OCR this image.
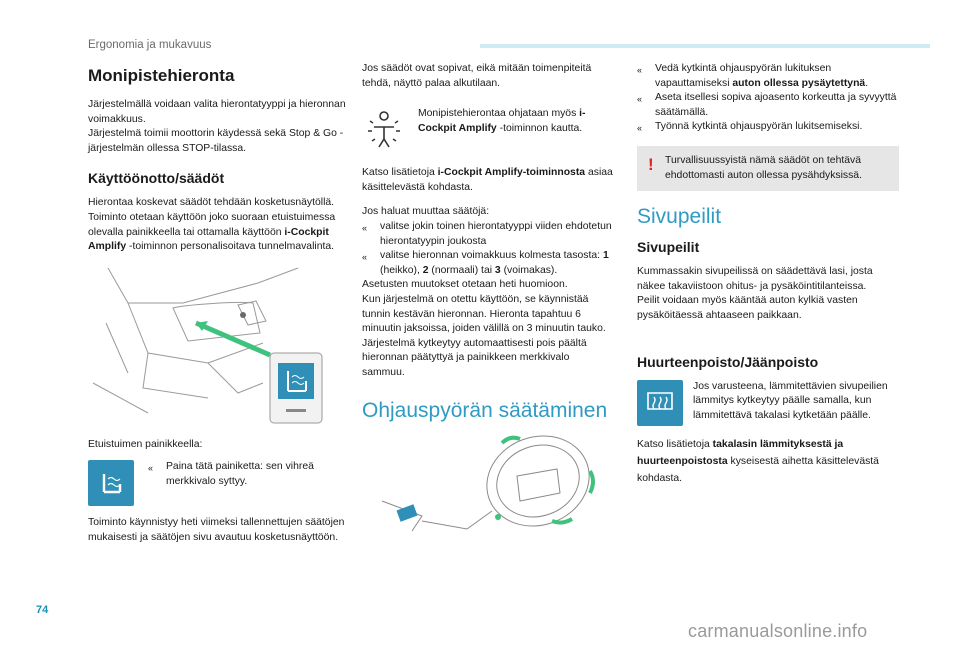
Ergonomia ja mukavuus
Monipistehieronta

Järjestelmällä voidaan valita hierontatyyppi ja hieronnan voimakkuus.

Järjestelmä toimii moottorin käydessä sekä Stop & Go -järjestelmän ollessa STOP-tilassa.

Käyttöönotto/säädöt

Hierontaa koskevat säädöt tehdään kosketusnäytöllä.

Toiminto otetaan käyttöön joko suoraan etuistuimessa olevalla painikkeella tai ottamalla käyttöön i-Cockpit Amplify -toiminnon personalisoitava tunnelmavalinta.

Etuistuimen painikkeella:

«	Paina tätä painiketta: sen vihreä merkkivalo syttyy.

Toiminto käynnistyy heti viimeksi tallennettujen säätöjen mukaisesti ja säätöjen sivu avautuu kosketusnäyttöön.

Jos säädöt ovat sopivat, eikä mitään toimenpiteitä tehdä, näyttö palaa alkutilaan.

Monipistehierontaa ohjataan myös i-Cockpit Amplify -toiminnon kautta.

Katso lisätietoja i-Cockpit Amplify-toiminnosta asiaa käsittelevästä kohdasta.

Jos haluat muuttaa säätöjä:

«	valitse jokin toinen hierontatyyppi viiden ehdotetun hierontatyypin joukosta
«	valitse hieronnan voimakkuus kolmesta tasosta: 1 (heikko), 2 (normaali) tai 3 (voimakas).

Asetusten muutokset otetaan heti huomioon.

Kun järjestelmä on otettu käyttöön, se käynnistää tunnin kestävän hieronnan. Hieronta tapahtuu 6 minuutin jaksoissa, joiden välillä on 3 minuutin tauko.

Järjestelmä kytkeytyy automaattisesti pois päältä hieronnan päätyttyä ja painikkeen merkkivalo sammuu.

Ohjauspyörän säätäminen
«	Vedä kytkintä ohjauspyörän lukituksen vapauttamiseksi auton ollessa pysäytettynä.
«	Aseta itsellesi sopiva ajoasento korkeutta ja syvyyttä säätämällä.
«	Työnnä kytkintä ohjauspyörän lukitsemiseksi.
! Turvallisuussyistä nämä säädöt on tehtävä ehdottomasti auton ollessa pysähdyksissä.

Sivupeilit
Sivupeilit

Kummassakin sivupeilissä on säädettävä lasi, josta näkee takaviistoon ohitus- ja pysäköintitilanteissa.

Peilit voidaan myös kääntää auton kylkiä vasten pysäköitäessä ahtaaseen paikkaan.

Huurteenpoisto/Jäänpoisto

Jos varusteena, lämmitettävien sivupeilien lämmitys kytkeytyy päälle samalla, kun lämmitettävä takalasi kytketään päälle.

Katso lisätietoja takalasin lämmityksestä ja huurteenpoistosta kyseisestä aihetta käsittelevästä kohdasta.

74
carmanualsonline.info
